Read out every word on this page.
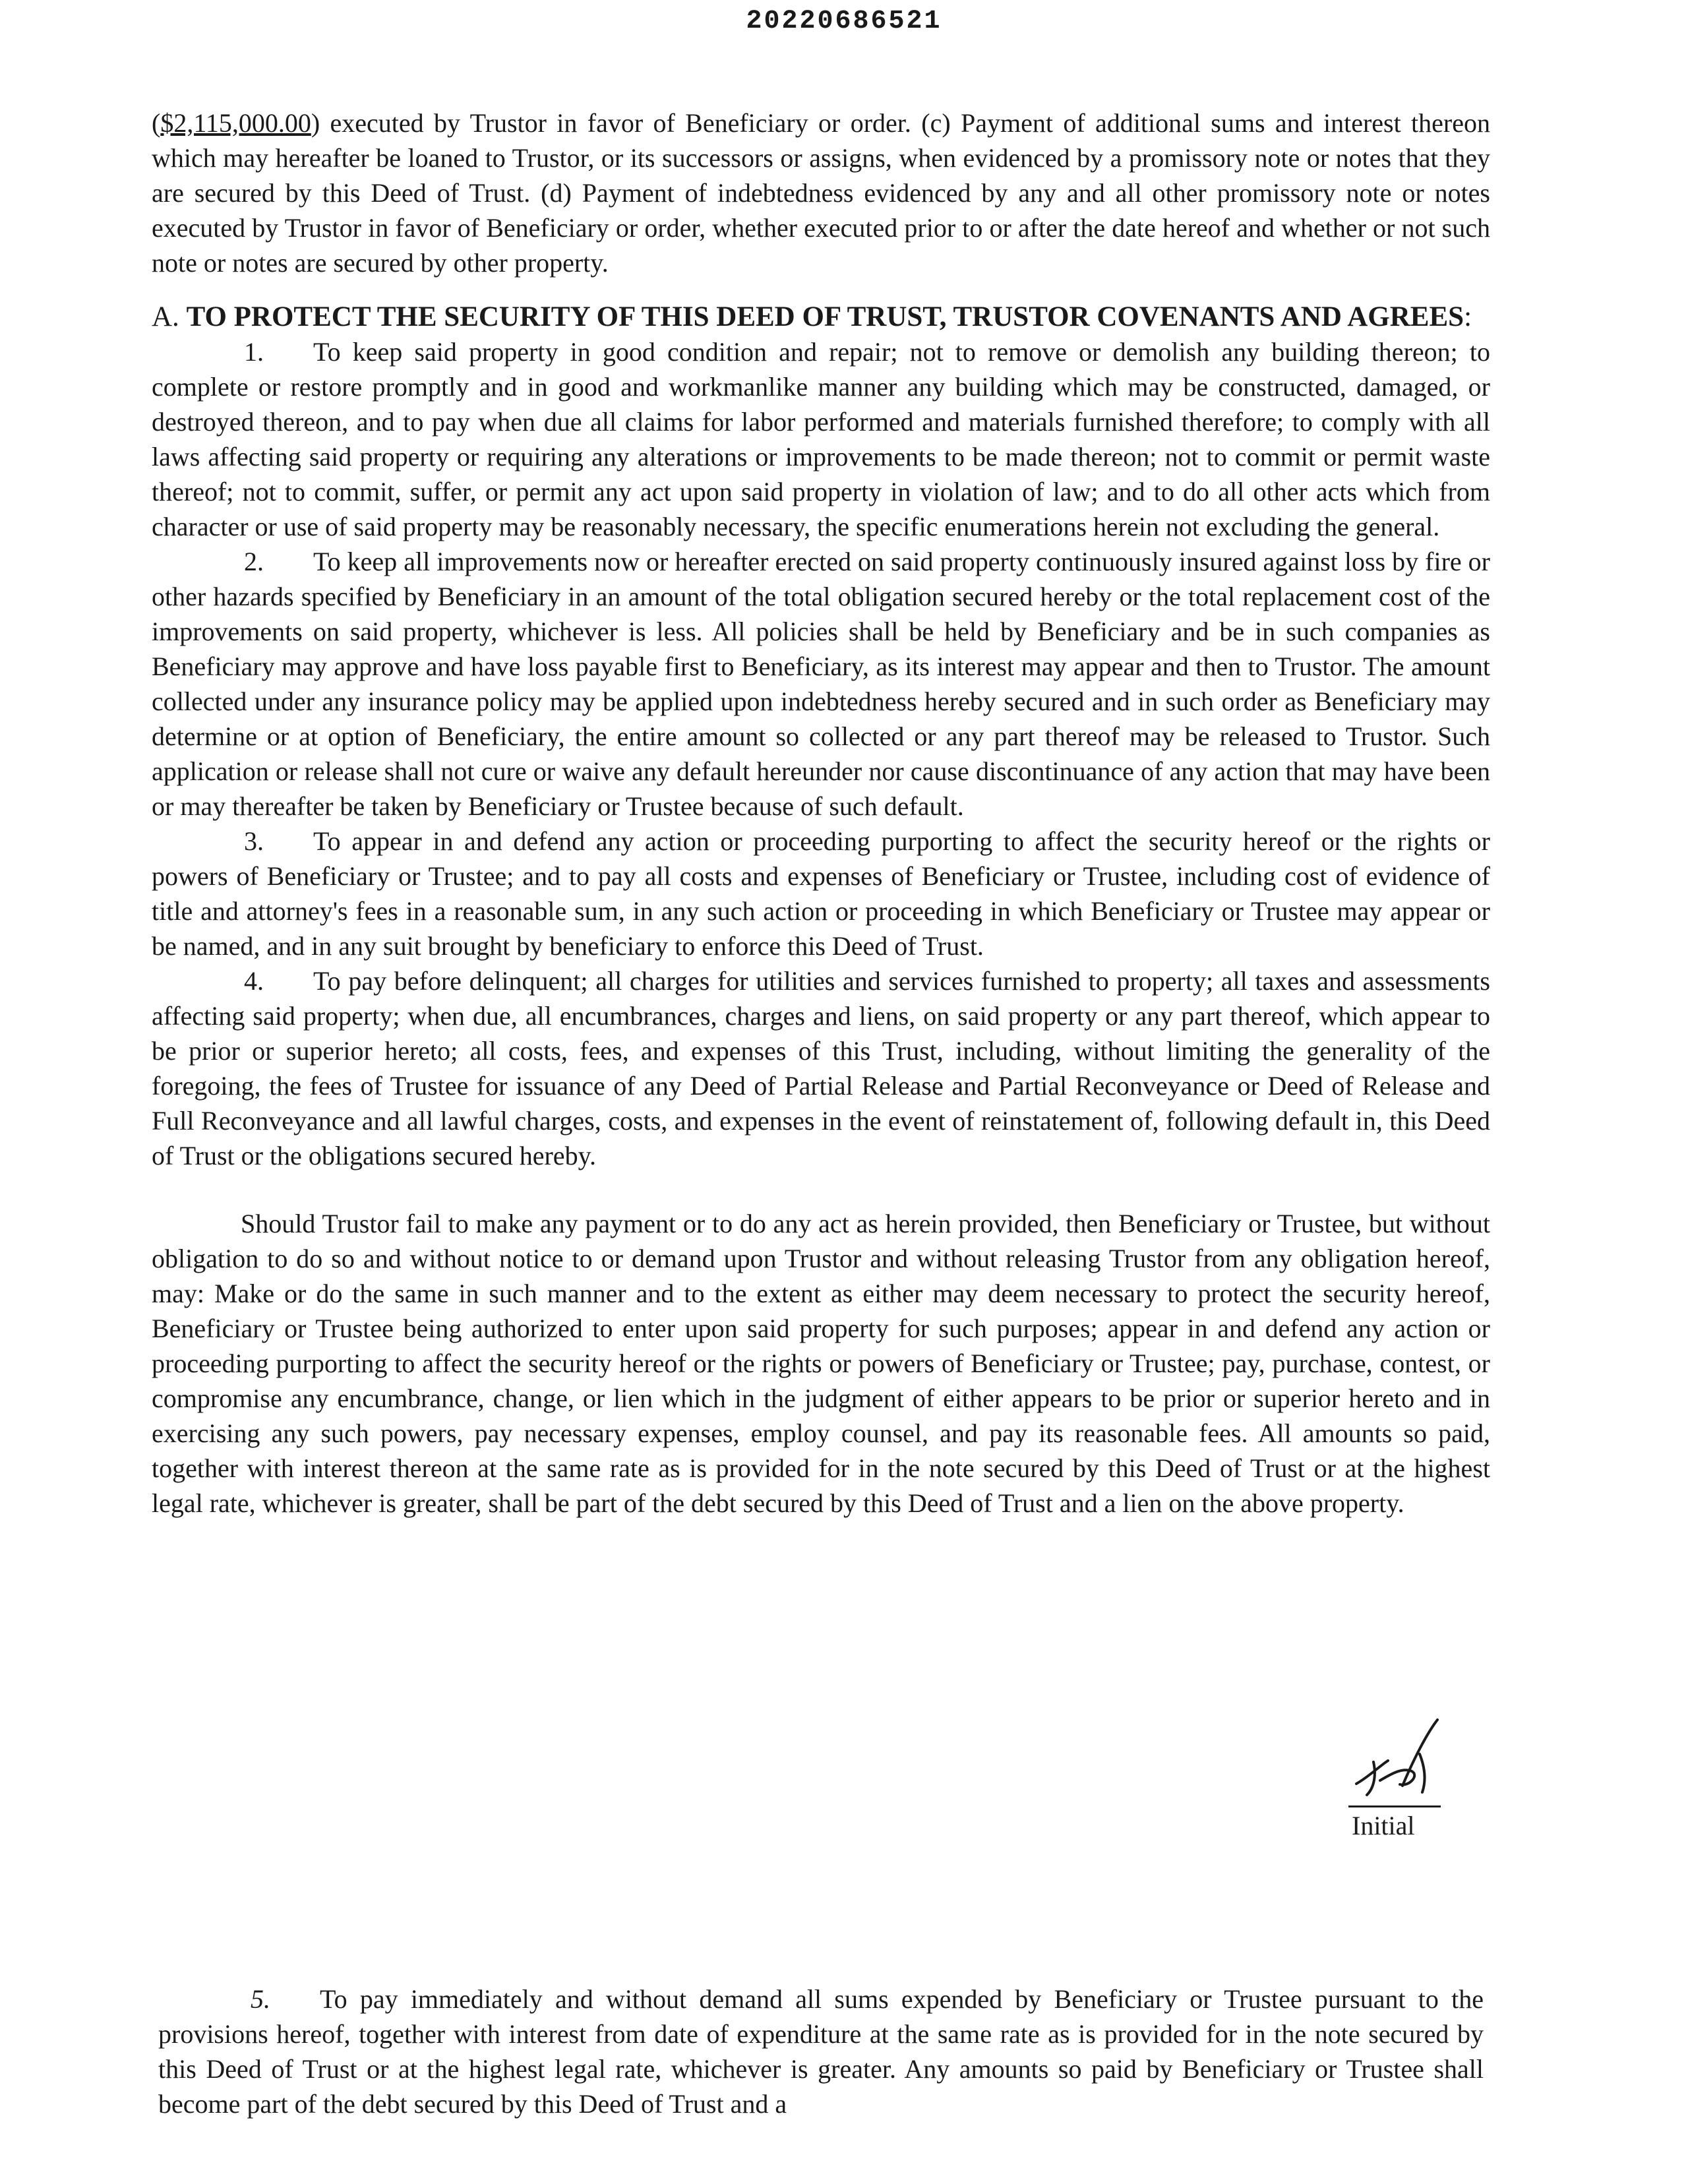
20220686521

($2,115,000.00) executed by Trustor in favor of Beneficiary or order. (c) Payment of additional sums and interest thereon which may hereafter be loaned to Trustor, or its successors or assigns, when evidenced by a promissory note or notes that they are secured by this Deed of Trust. (d) Payment of indebtedness evidenced by any and all other promissory note or notes executed by Trustor in favor of Beneficiary or order, whether executed prior to or after the date hereof and whether or not such note or notes are secured by other property.

A. TO PROTECT THE SECURITY OF THIS DEED OF TRUST, TRUSTOR COVENANTS AND AGREES:

1. To keep said property in good condition and repair; not to remove or demolish any building thereon; to complete or restore promptly and in good and workmanlike manner any building which may be constructed, damaged, or destroyed thereon, and to pay when due all claims for labor performed and materials furnished therefore; to comply with all laws affecting said property or requiring any alterations or improvements to be made thereon; not to commit or permit waste thereof; not to commit, suffer, or permit any act upon said property in violation of law; and to do all other acts which from character or use of said property may be reasonably necessary, the specific enumerations herein not excluding the general.

2. To keep all improvements now or hereafter erected on said property continuously insured against loss by fire or other hazards specified by Beneficiary in an amount of the total obligation secured hereby or the total replacement cost of the improvements on said property, whichever is less. All policies shall be held by Beneficiary and be in such companies as Beneficiary may approve and have loss payable first to Beneficiary, as its interest may appear and then to Trustor. The amount collected under any insurance policy may be applied upon indebtedness hereby secured and in such order as Beneficiary may determine or at option of Beneficiary, the entire amount so collected or any part thereof may be released to Trustor. Such application or release shall not cure or waive any default hereunder nor cause discontinuance of any action that may have been or may thereafter be taken by Beneficiary or Trustee because of such default.

3. To appear in and defend any action or proceeding purporting to affect the security hereof or the rights or powers of Beneficiary or Trustee; and to pay all costs and expenses of Beneficiary or Trustee, including cost of evidence of title and attorney's fees in a reasonable sum, in any such action or proceeding in which Beneficiary or Trustee may appear or be named, and in any suit brought by beneficiary to enforce this Deed of Trust.

4. To pay before delinquent; all charges for utilities and services furnished to property; all taxes and assessments affecting said property; when due, all encumbrances, charges and liens, on said property or any part thereof, which appear to be prior or superior hereto; all costs, fees, and expenses of this Trust, including, without limiting the generality of the foregoing, the fees of Trustee for issuance of any Deed of Partial Release and Partial Reconveyance or Deed of Release and Full Reconveyance and all lawful charges, costs, and expenses in the event of reinstatement of, following default in, this Deed of Trust or the obligations secured hereby.

Should Trustor fail to make any payment or to do any act as herein provided, then Beneficiary or Trustee, but without obligation to do so and without notice to or demand upon Trustor and without releasing Trustor from any obligation hereof, may: Make or do the same in such manner and to the extent as either may deem necessary to protect the security hereof, Beneficiary or Trustee being authorized to enter upon said property for such purposes; appear in and defend any action or proceeding purporting to affect the security hereof or the rights or powers of Beneficiary or Trustee; pay, purchase, contest, or compromise any encumbrance, change, or lien which in the judgment of either appears to be prior or superior hereto and in exercising any such powers, pay necessary expenses, employ counsel, and pay its reasonable fees. All amounts so paid, together with interest thereon at the same rate as is provided for in the note secured by this Deed of Trust or at the highest legal rate, whichever is greater, shall be part of the debt secured by this Deed of Trust and a lien on the above property.

Initial

5. To pay immediately and without demand all sums expended by Beneficiary or Trustee pursuant to the provisions hereof, together with interest from date of expenditure at the same rate as is provided for in the note secured by this Deed of Trust or at the highest legal rate, whichever is greater. Any amounts so paid by Beneficiary or Trustee shall become part of the debt secured by this Deed of Trust and a
